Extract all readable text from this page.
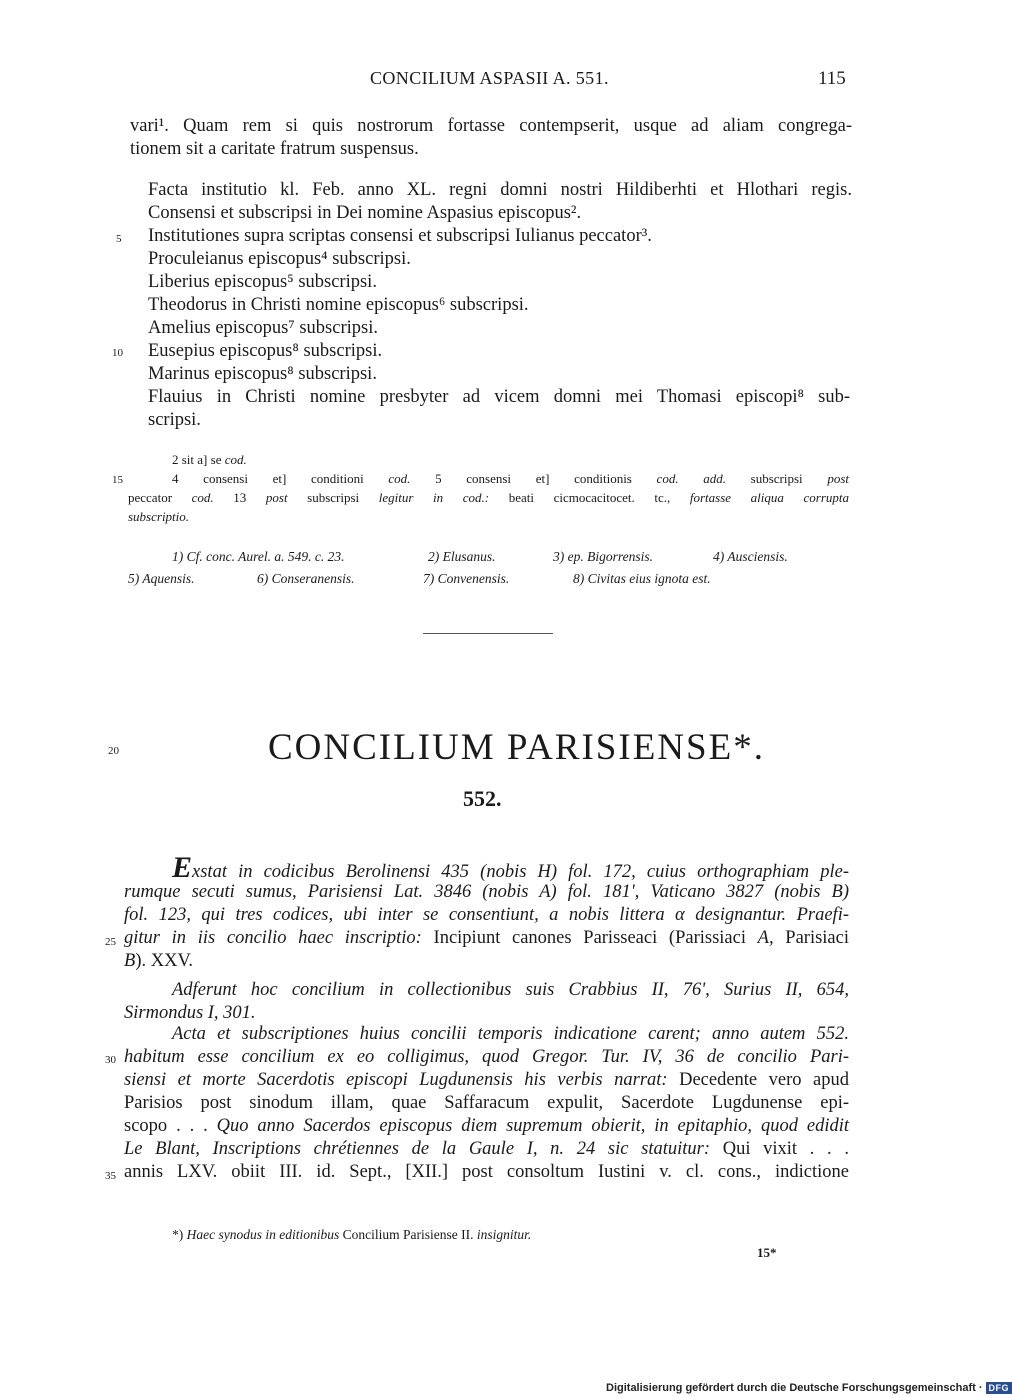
CONCILIUM ASPASII A. 551.	115
vari¹. Quam rem si quis nostrorum fortasse contempserit, usque ad aliam congrega-
tionem sit a caritate fratrum suspensus.
Facta institutio kl. Feb. anno XL. regni domni nostri Hildiberhti et Hlothari regis.
Consensi et subscripsi in Dei nomine Aspasius episcopus².
Institutiones supra scriptas consensi et subscripsi Iulianus peccator³.
Proculeianus episcopus⁴ subscripsi.
Liberius episcopus⁵ subscripsi.
Theodorus in Christi nomine episcopus⁶ subscripsi.
Amelius episcopus⁷ subscripsi.
Eusepius episcopus⁸ subscripsi.
Marinus episcopus⁸ subscripsi.
Flauius in Christi nomine presbyter ad vicem domni mei Thomasi episcopi⁸ sub-
scripsi.
5
10
15
20
25
30
35
2 sit a] se cod.
4 consensi et] conditioni cod. 5 consensi et] conditionis cod. add. subscripsi post
peccator cod. 13 post subscripsi legitur in cod.: beati cicmocacitocet. tc., fortasse aliqua corrupta
subscriptio.
1) Cf. conc. Aurel. a. 549. c. 23.	2) Elusanus.	3) ep. Bigorrensis.	4) Ausciensis.
5) Aquensis.	6) Conseranensis.	7) Convenensis.	8) Civitas eius ignota est.
CONCILIUM PARISIENSE*.
552.
Exstat in codicibus Berolinensi 435 (nobis H) fol. 172, cuius orthographiam ple-
rumque secuti sumus, Parisiensi Lat. 3846 (nobis A) fol. 181', Vaticano 3827 (nobis B)
fol. 123, qui tres codices, ubi inter se consentiunt, a nobis littera α designantur. Praefi-
gitur in iis concilio haec inscriptio: Incipiunt canones Parisseaci (Parissiaci A, Parisiaci
B). XXV.
Adferunt hoc concilium in collectionibus suis Crabbius II, 76', Surius II, 654,
Sirmondus I, 301.
Acta et subscriptiones huius concilii temporis indicatione carent; anno autem 552.
habitum esse concilium ex eo colligimus, quod Gregor. Tur. IV, 36 de concilio Pari-
siensi et morte Sacerdotis episcopi Lugdunensis his verbis narrat: Decedente vero apud
Parisios post sinodum illam, quae Saffaracum expulit, Sacerdote Lugdunense epi-
scopo . . . Quo anno Sacerdos episcopus diem supremum obierit, in epitaphio, quod edidit
Le Blant, Inscriptions chrétiennes de la Gaule I, n. 24 sic statuitur: Qui vixit . . .
annis LXV. obiit III. id. Sept., [XII.] post consoltum Iustini v. cl. cons., indictione
*) Haec synodus in editionibus Concilium Parisiense II. insignitur.
15*
Digitalisierung gefördert durch die Deutsche Forschungsgemeinschaft · DFG
